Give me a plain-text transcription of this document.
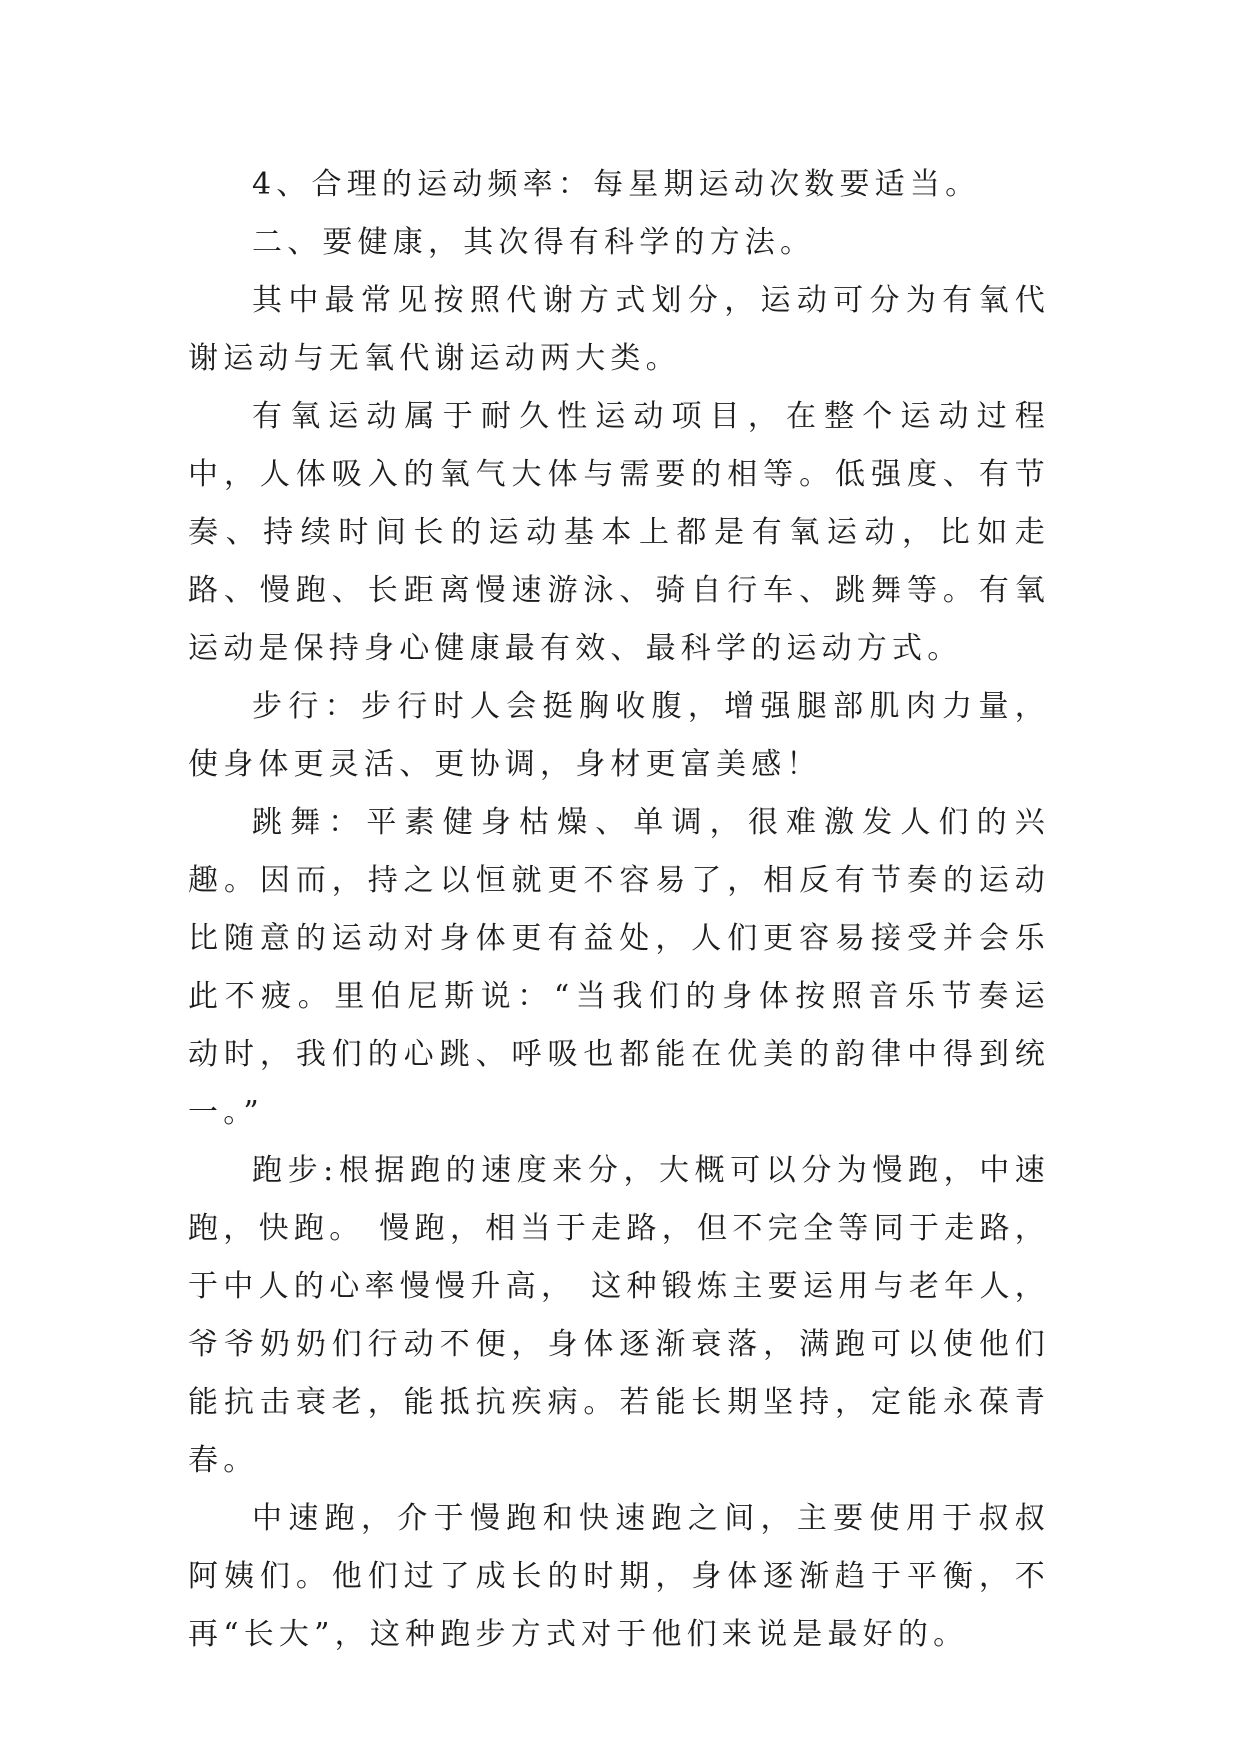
4、合理的运动频率：每星期运动次数要适当。

二、要健康，其次得有科学的方法。

其中最常见按照代谢方式划分，运动可分为有氧代谢运动与无氧代谢运动两大类。

有氧运动属于耐久性运动项目，在整个运动过程中，人体吸入的氧气大体与需要的相等。低强度、有节奏、持续时间长的运动基本上都是有氧运动，比如走路、慢跑、长距离慢速游泳、骑自行车、跳舞等。有氧运动是保持身心健康最有效、最科学的运动方式。

步行：步行时人会挺胸收腹，增强腿部肌肉力量，使身体更灵活、更协调，身材更富美感！

跳舞：平素健身枯燥、单调，很难激发人们的兴趣。因而，持之以恒就更不容易了，相反有节奏的运动比随意的运动对身体更有益处，人们更容易接受并会乐此不疲。里伯尼斯说：“当我们的身体按照音乐节奏运动时，我们的心跳、呼吸也都能在优美的韵律中得到统一。”

跑步:根据跑的速度来分，大概可以分为慢跑，中速跑，快跑。 慢跑，相当于走路，但不完全等同于走路，于中人的心率慢慢升高， 这种锻炼主要运用与老年人，爷爷奶奶们行动不便，身体逐渐衰落，满跑可以使他们能抗击衰老，能抵抗疾病。若能长期坚持，定能永葆青春。

中速跑，介于慢跑和快速跑之间，主要使用于叔叔阿姨们。他们过了成长的时期，身体逐渐趋于平衡，不再“长大”，这种跑步方式对于他们来说是最好的。
